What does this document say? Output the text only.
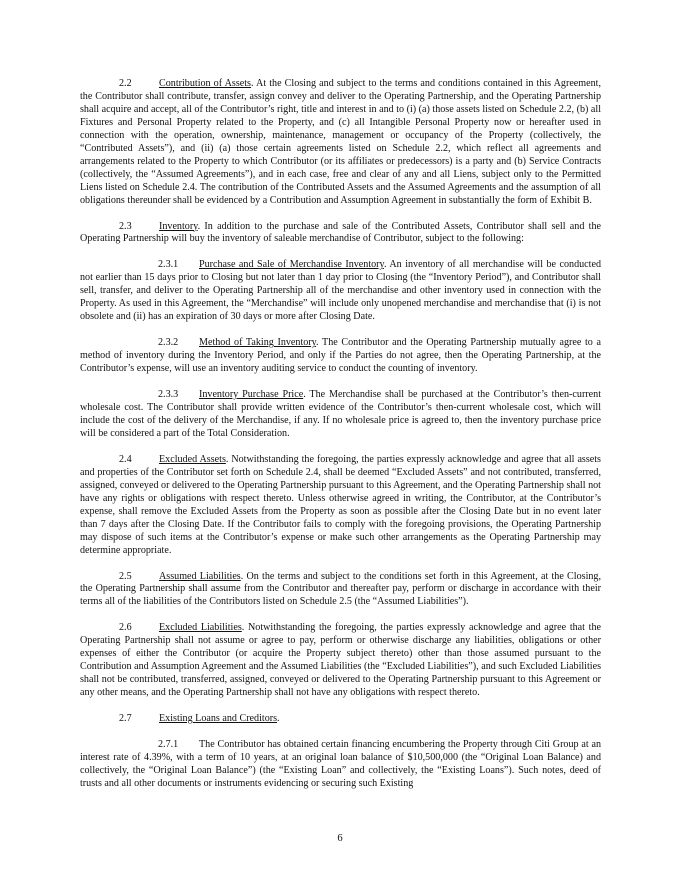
2.2	Contribution of Assets. At the Closing and subject to the terms and conditions contained in this Agreement, the Contributor shall contribute, transfer, assign convey and deliver to the Operating Partnership, and the Operating Partnership shall acquire and accept, all of the Contributor’s right, title and interest in and to (i) (a) those assets listed on Schedule 2.2, (b) all Fixtures and Personal Property related to the Property, and (c) all Intangible Personal Property now or hereafter used in connection with the operation, ownership, maintenance, management or occupancy of the Property (collectively, the “Contributed Assets”), and (ii) (a) those certain agreements listed on Schedule 2.2, which reflect all agreements and arrangements related to the Property to which Contributor (or its affiliates or predecessors) is a party and (b) Service Contracts (collectively, the “Assumed Agreements”), and in each case, free and clear of any and all Liens, subject only to the Permitted Liens listed on Schedule 2.4. The contribution of the Contributed Assets and the Assumed Agreements and the assumption of all obligations thereunder shall be evidenced by a Contribution and Assumption Agreement in substantially the form of Exhibit B.

2.3	Inventory. In addition to the purchase and sale of the Contributed Assets, Contributor shall sell and the Operating Partnership will buy the inventory of saleable merchandise of Contributor, subject to the following:

2.3.1 Purchase and Sale of Merchandise Inventory. An inventory of all merchandise will be conducted not earlier than 15 days prior to Closing but not later than 1 day prior to Closing (the “Inventory Period”), and Contributor shall sell, transfer, and deliver to the Operating Partnership all of the merchandise and other inventory used in connection with the Property. As used in this Agreement, the “Merchandise” will include only unopened merchandise and merchandise that (i) is not obsolete and (ii) has an expiration of 30 days or more after Closing Date.

2.3.2 Method of Taking Inventory. The Contributor and the Operating Partnership mutually agree to a method of inventory during the Inventory Period, and only if the Parties do not agree, then the Operating Partnership, at the Contributor’s expense, will use an inventory auditing service to conduct the counting of inventory.

2.3.3 Inventory Purchase Price. The Merchandise shall be purchased at the Contributor’s then-current wholesale cost. The Contributor shall provide written evidence of the Contributor’s then-current wholesale cost, which will include the cost of the delivery of the Merchandise, if any. If no wholesale price is agreed to, then the inventory purchase price will be considered a part of the Total Consideration.

2.4	Excluded Assets. Notwithstanding the foregoing, the parties expressly acknowledge and agree that all assets and properties of the Contributor set forth on Schedule 2.4, shall be deemed “Excluded Assets” and not contributed, transferred, assigned, conveyed or delivered to the Operating Partnership pursuant to this Agreement, and the Operating Partnership shall not have any rights or obligations with respect thereto. Unless otherwise agreed in writing, the Contributor, at the Contributor’s expense, shall remove the Excluded Assets from the Property as soon as possible after the Closing Date but in no event later than 7 days after the Closing Date. If the Contributor fails to comply with the foregoing provisions, the Operating Partnership may dispose of such items at the Contributor’s expense or make such other arrangements as the Operating Partnership may determine appropriate.

2.5	Assumed Liabilities. On the terms and subject to the conditions set forth in this Agreement, at the Closing, the Operating Partnership shall assume from the Contributor and thereafter pay, perform or discharge in accordance with their terms all of the liabilities of the Contributors listed on Schedule 2.5 (the “Assumed Liabilities”).

2.6	Excluded Liabilities. Notwithstanding the foregoing, the parties expressly acknowledge and agree that the Operating Partnership shall not assume or agree to pay, perform or otherwise discharge any liabilities, obligations or other expenses of either the Contributor (or acquire the Property subject thereto) other than those assumed pursuant to the Contribution and Assumption Agreement and the Assumed Liabilities (the “Excluded Liabilities”), and such Excluded Liabilities shall not be contributed, transferred, assigned, conveyed or delivered to the Operating Partnership pursuant to this Agreement or any other means, and the Operating Partnership shall not have any obligations with respect thereto.

2.7	Existing Loans and Creditors.

2.7.1 The Contributor has obtained certain financing encumbering the Property through Citi Group at an interest rate of 4.39%, with a term of 10 years, at an original loan balance of $10,500,000 (the “Original Loan Balance) and collectively, the “Original Loan Balance”) (the “Existing Loan” and collectively, the “Existing Loans”). Such notes, deed of trusts and all other documents or instruments evidencing or securing such Existing

6
